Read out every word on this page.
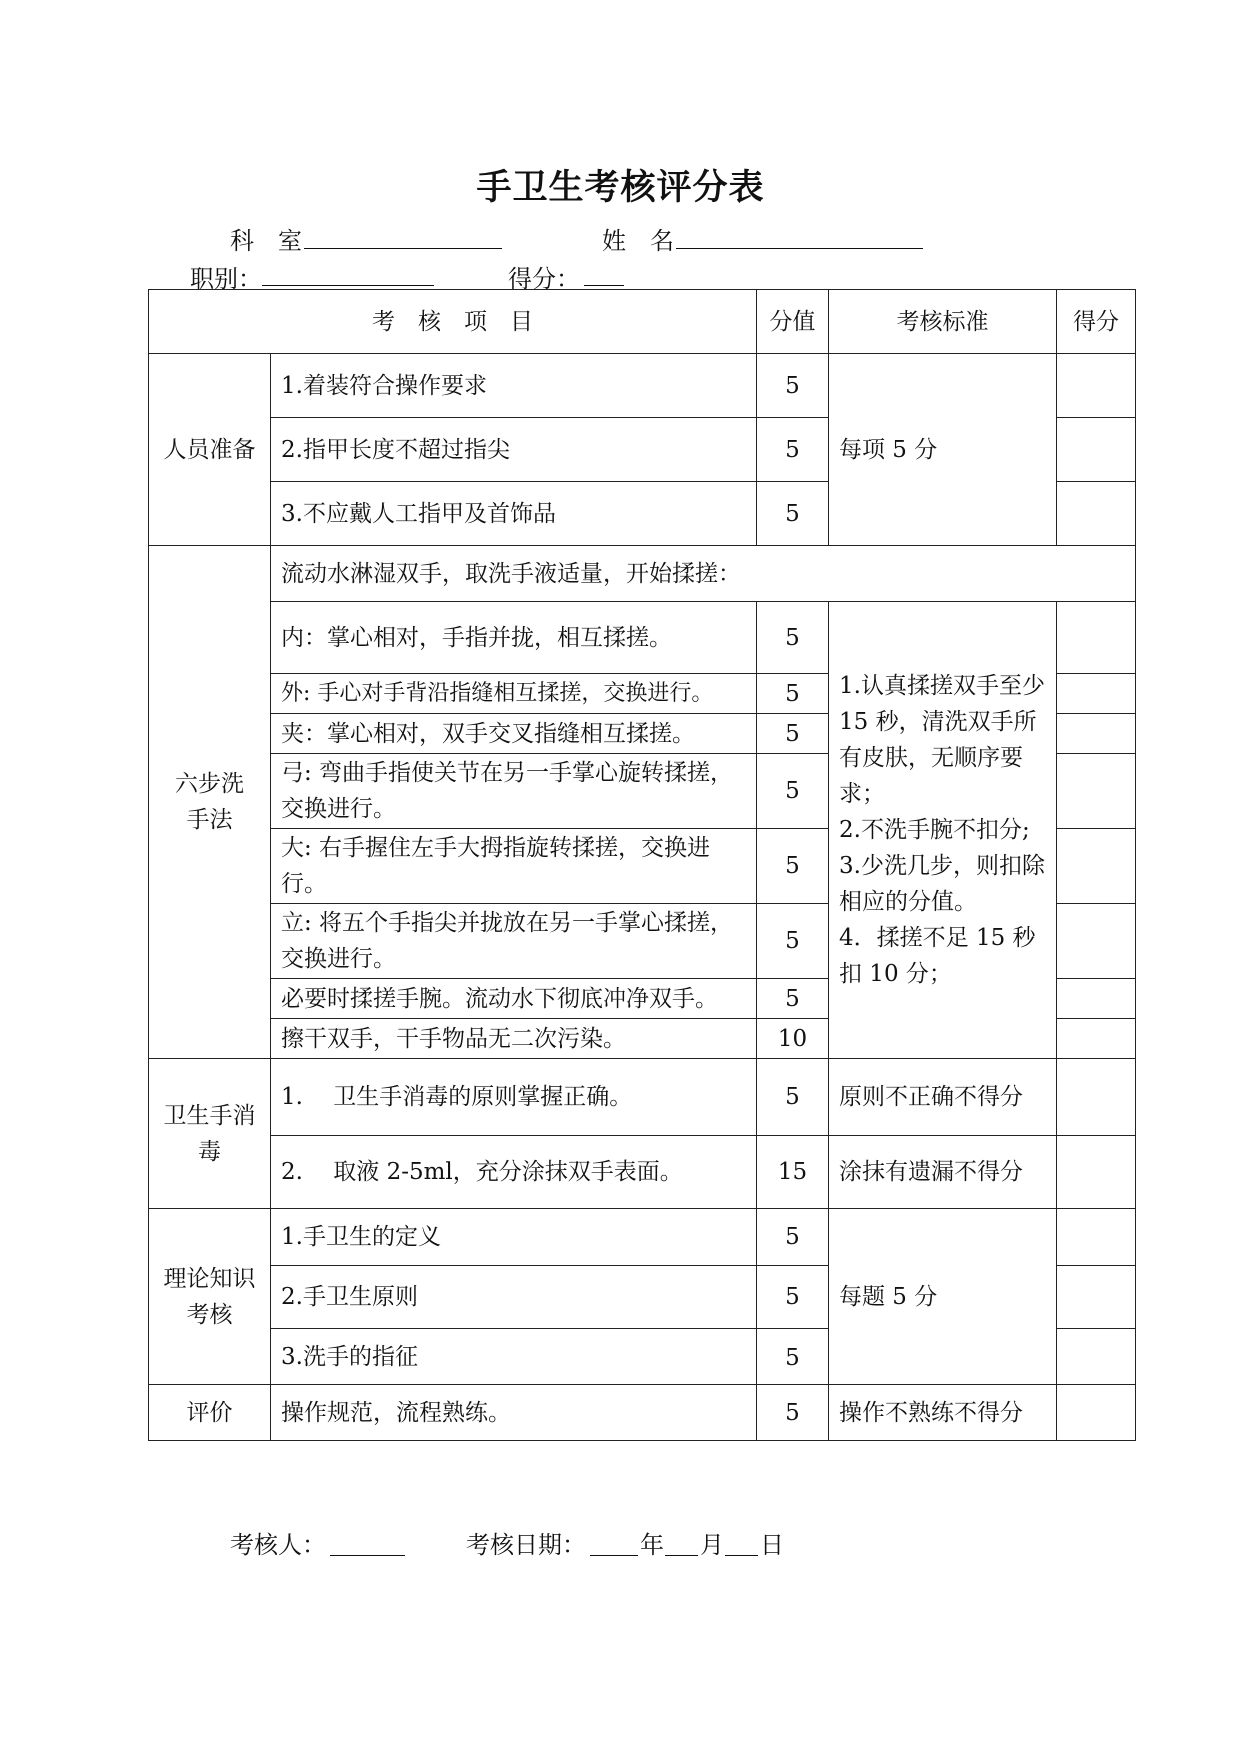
手卫生考核评分表
科　室	姓　名
职别：	得分：
考　核　项　目		分值	考核标准	得分
人员准备	1.着装符合操作要求	5	每项 5 分	
	2.指甲长度不超过指尖	5		
	3.不应戴人工指甲及首饰品	5		
六步洗手法	流动水淋湿双手，取洗手液适量，开始揉搓：			
	内：掌心相对，手指并拢，相互揉搓。	5	1.认真揉搓双手至少 15 秒，清洗双手所有皮肤，无顺序要求；
2.不洗手腕不扣分;
3.少洗几步，则扣除相应的分值。
4．揉搓不足 15 秒扣 10 分；	

	外: 手心对手背沿指缝相互揉搓，交换进行。	5		
	夹：掌心相对，双手交叉指缝相互揉搓。	5		
	弓: 弯曲手指使关节在另一手掌心旋转揉搓，交换进行。	5		
	大: 右手握住左手大拇指旋转揉搓，交换进行。	5		
	立: 将五个手指尖并拢放在另一手掌心揉搓，交换进行。	5		
	必要时揉搓手腕。流动水下彻底冲净双手。	5		
	擦干双手，干手物品无二次污染。	10		
卫生手消毒	1.　 卫生手消毒的原则掌握正确。	5	原则不正确不得分	
	2.　 取液 2-5ml，充分涂抹双手表面。	15	涂抹有遗漏不得分	
理论知识考核	1.手卫生的定义	5	每题 5 分	
	2.手卫生原则	5		
	3.洗手的指征	5		
评价	操作规范，流程熟练。	5	操作不熟练不得分	
考核人：	考核日期： 年 月 日
